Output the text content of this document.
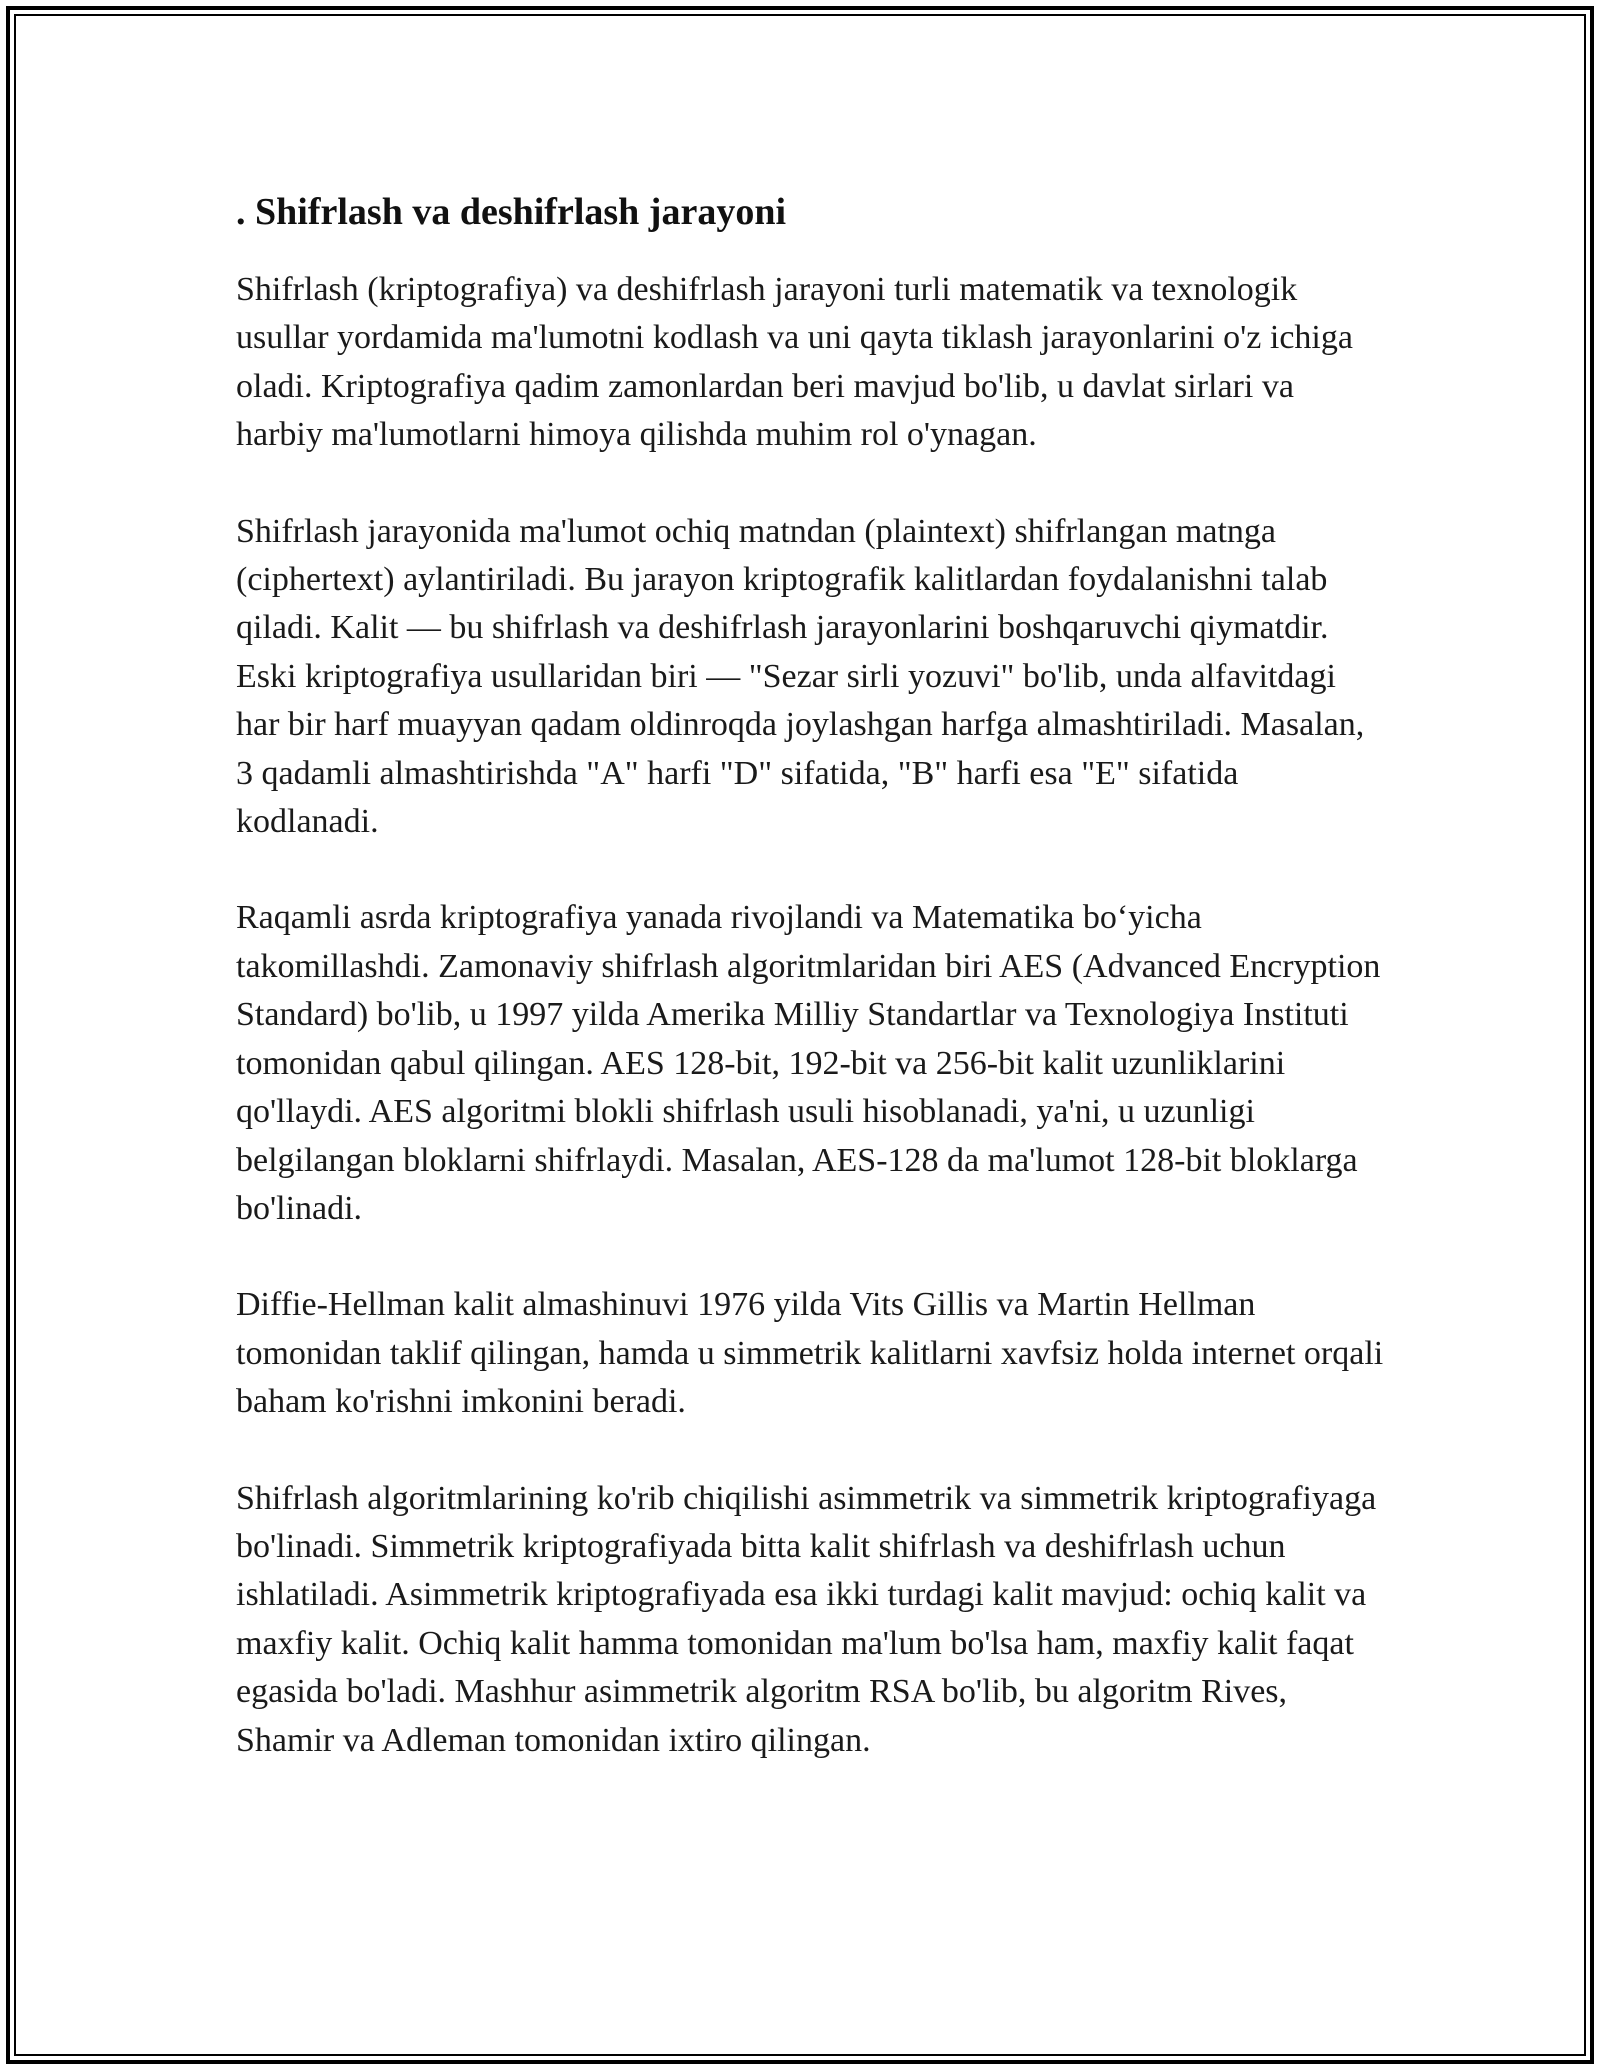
. Shifrlash va deshifrlash jarayoni

Shifrlash (kriptografiya) va deshifrlash jarayoni turli matematik va texnologik usullar yordamida ma'lumotni kodlash va uni qayta tiklash jarayonlarini o'z ichiga oladi. Kriptografiya qadim zamonlardan beri mavjud bo'lib, u davlat sirlari va harbiy ma'lumotlarni himoya qilishda muhim rol o'ynagan.

Shifrlash jarayonida ma'lumot ochiq matndan (plaintext) shifrlangan matnga (ciphertext) aylantiriladi. Bu jarayon kriptografik kalitlardan foydalanishni talab qiladi. Kalit — bu shifrlash va deshifrlash jarayonlarini boshqaruvchi qiymatdir. Eski kriptografiya usullaridan biri — "Sezar sirli yozuvi" bo'lib, unda alfavitdagi har bir harf muayyan qadam oldinroqda joylashgan harfga almashtiriladi. Masalan, 3 qadamli almashtirishda "A" harfi "D" sifatida, "B" harfi esa "E" sifatida kodlanadi.

Raqamli asrda kriptografiya yanada rivojlandi va Matematika bo‘yicha takomillashdi. Zamonaviy shifrlash algoritmlaridan biri AES (Advanced Encryption Standard) bo'lib, u 1997 yilda Amerika Milliy Standartlar va Texnologiya Instituti tomonidan qabul qilingan. AES 128-bit, 192-bit va 256-bit kalit uzunliklarini qo'llaydi. AES algoritmi blokli shifrlash usuli hisoblanadi, ya'ni, u uzunligi belgilangan bloklarni shifrlaydi. Masalan, AES-128 da ma'lumot 128-bit bloklarga bo'linadi.

Diffie-Hellman kalit almashinuvi 1976 yilda Vits Gillis va Martin Hellman tomonidan taklif qilingan, hamda u simmetrik kalitlarni xavfsiz holda internet orqali baham ko'rishni imkonini beradi.

Shifrlash algoritmlarining ko'rib chiqilishi asimmetrik va simmetrik kriptografiyaga bo'linadi. Simmetrik kriptografiyada bitta kalit shifrlash va deshifrlash uchun ishlatiladi. Asimmetrik kriptografiyada esa ikki turdagi kalit mavjud: ochiq kalit va maxfiy kalit. Ochiq kalit hamma tomonidan ma'lum bo'lsa ham, maxfiy kalit faqat egasida bo'ladi. Mashhur asimmetrik algoritm RSA bo'lib, bu algoritm Rives, Shamir va Adleman tomonidan ixtiro qilingan.
